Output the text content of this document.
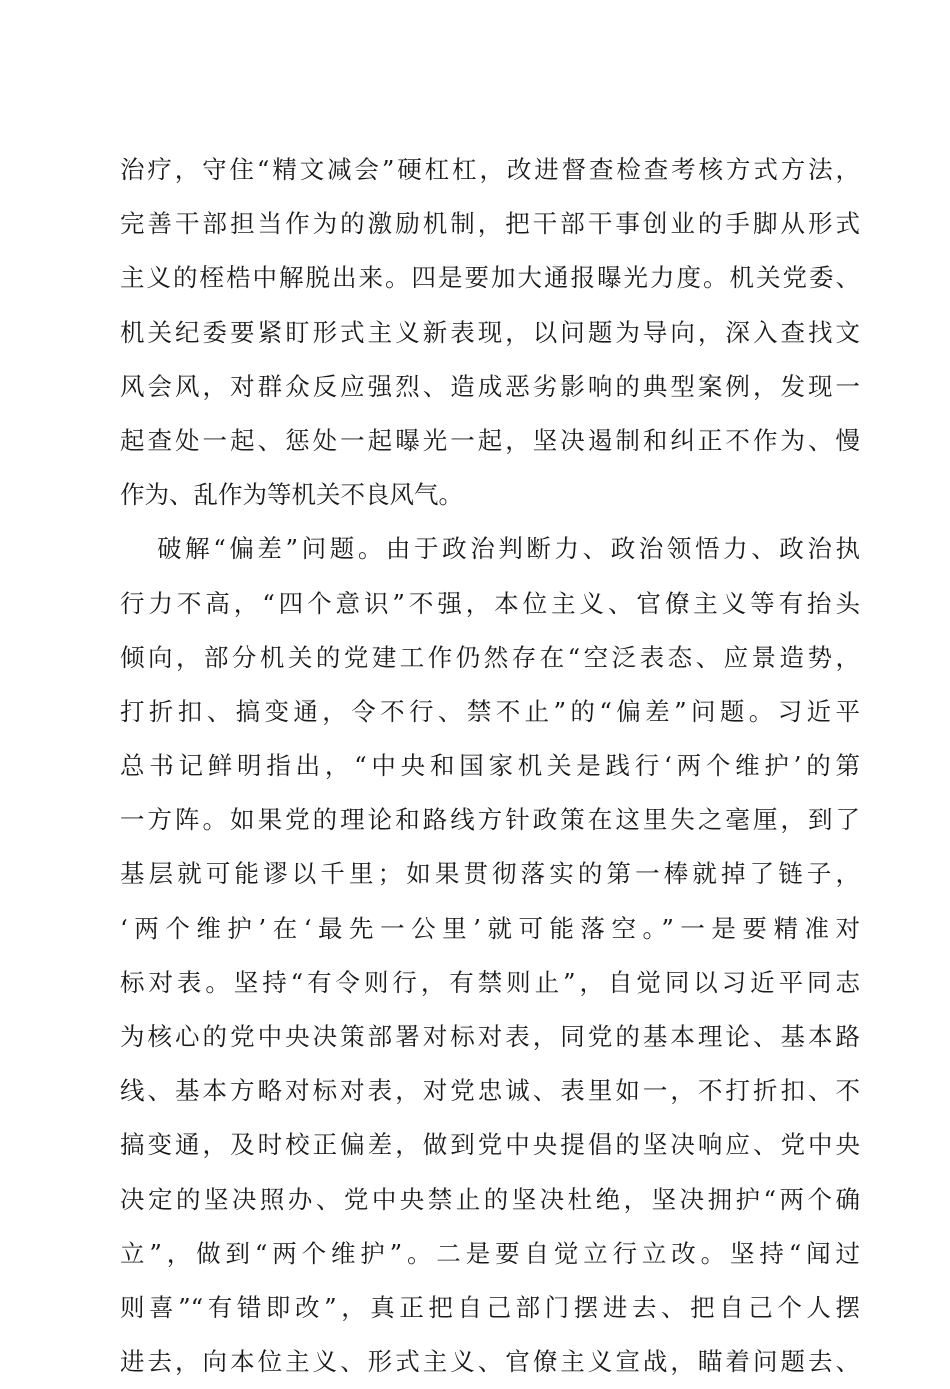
治疗，守住“精文减会”硬杠杠，改进督查检查考核方式方法，
完善干部担当作为的激励机制，把干部干事创业的手脚从形式
主义的桎梏中解脱出来。四是要加大通报曝光力度。机关党委、
机关纪委要紧盯形式主义新表现，以问题为导向，深入查找文
风会风，对群众反应强烈、造成恶劣影响的典型案例，发现一
起查处一起、惩处一起曝光一起，坚决遏制和纠正不作为、慢
作为、乱作为等机关不良风气。
破解“偏差”问题。由于政治判断力、政治领悟力、政治执
行力不高，“四个意识”不强，本位主义、官僚主义等有抬头
倾向，部分机关的党建工作仍然存在“空泛表态、应景造势，
打折扣、搞变通，令不行、禁不止”的“偏差”问题。习近平
总书记鲜明指出，“中央和国家机关是践行‘两个维护’的第
一方阵。如果党的理论和路线方针政策在这里失之毫厘，到了
基层就可能谬以千里；如果贯彻落实的第一棒就掉了链子，
‘两个维护’在‘最先一公里’就可能落空。”一是要精准对
标对表。坚持“有令则行，有禁则止”，自觉同以习近平同志
为核心的党中央决策部署对标对表，同党的基本理论、基本路
线、基本方略对标对表，对党忠诚、表里如一，不打折扣、不
搞变通，及时校正偏差，做到党中央提倡的坚决响应、党中央
决定的坚决照办、党中央禁止的坚决杜绝，坚决拥护“两个确
立”，做到“两个维护”。二是要自觉立行立改。坚持“闻过
则喜”“有错即改”，真正把自己部门摆进去、把自己个人摆
进去，向本位主义、形式主义、官僚主义宣战，瞄着问题去、
